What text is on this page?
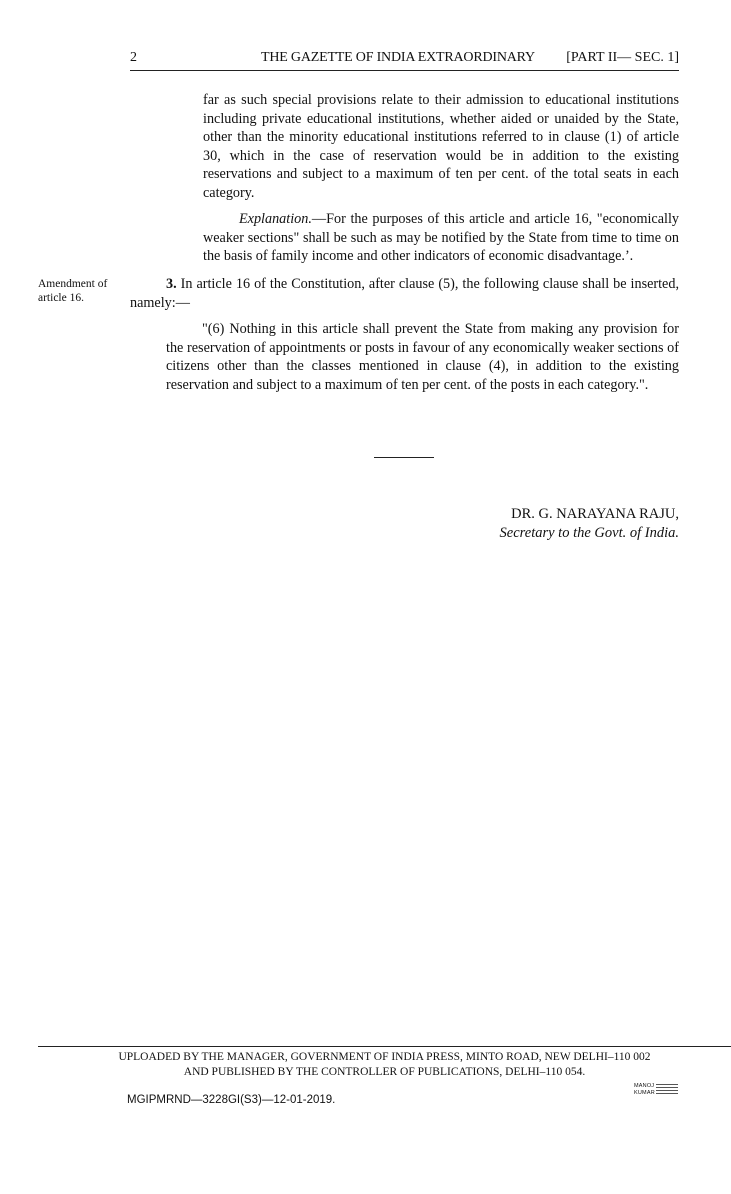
2	THE GAZETTE OF INDIA EXTRAORDINARY [PART II— SEC. 1]
far as such special provisions relate to their admission to educational institutions including private educational institutions, whether aided or unaided by the State, other than the minority educational institutions referred to in clause (1) of article 30, which in the case of reservation would be in addition to the existing reservations and subject to a maximum of ten per cent. of the total seats in each category.
Explanation.—For the purposes of this article and article 16, "economically weaker sections" shall be such as may be notified by the State from time to time on the basis of family income and other indicators of economic disadvantage.’.
Amendment of article 16.
3. In article 16 of the Constitution, after clause (5), the following clause shall be inserted, namely:—
"(6) Nothing in this article shall prevent the State from making any provision for the reservation of appointments or posts in favour of any economically weaker sections of citizens other than the classes mentioned in clause (4), in addition to the existing reservation and subject to a maximum of ten per cent. of the posts in each category.".
DR. G. NARAYANA RAJU,
Secretary to the Govt. of India.
UPLOADED BY THE MANAGER, GOVERNMENT OF INDIA PRESS, MINTO ROAD, NEW DELHI–110 002
AND PUBLISHED BY THE CONTROLLER OF PUBLICATIONS, DELHI–110 054.
MGIPMRND—3228GI(S3)—12-01-2019.
MANOJ
KUMAR
